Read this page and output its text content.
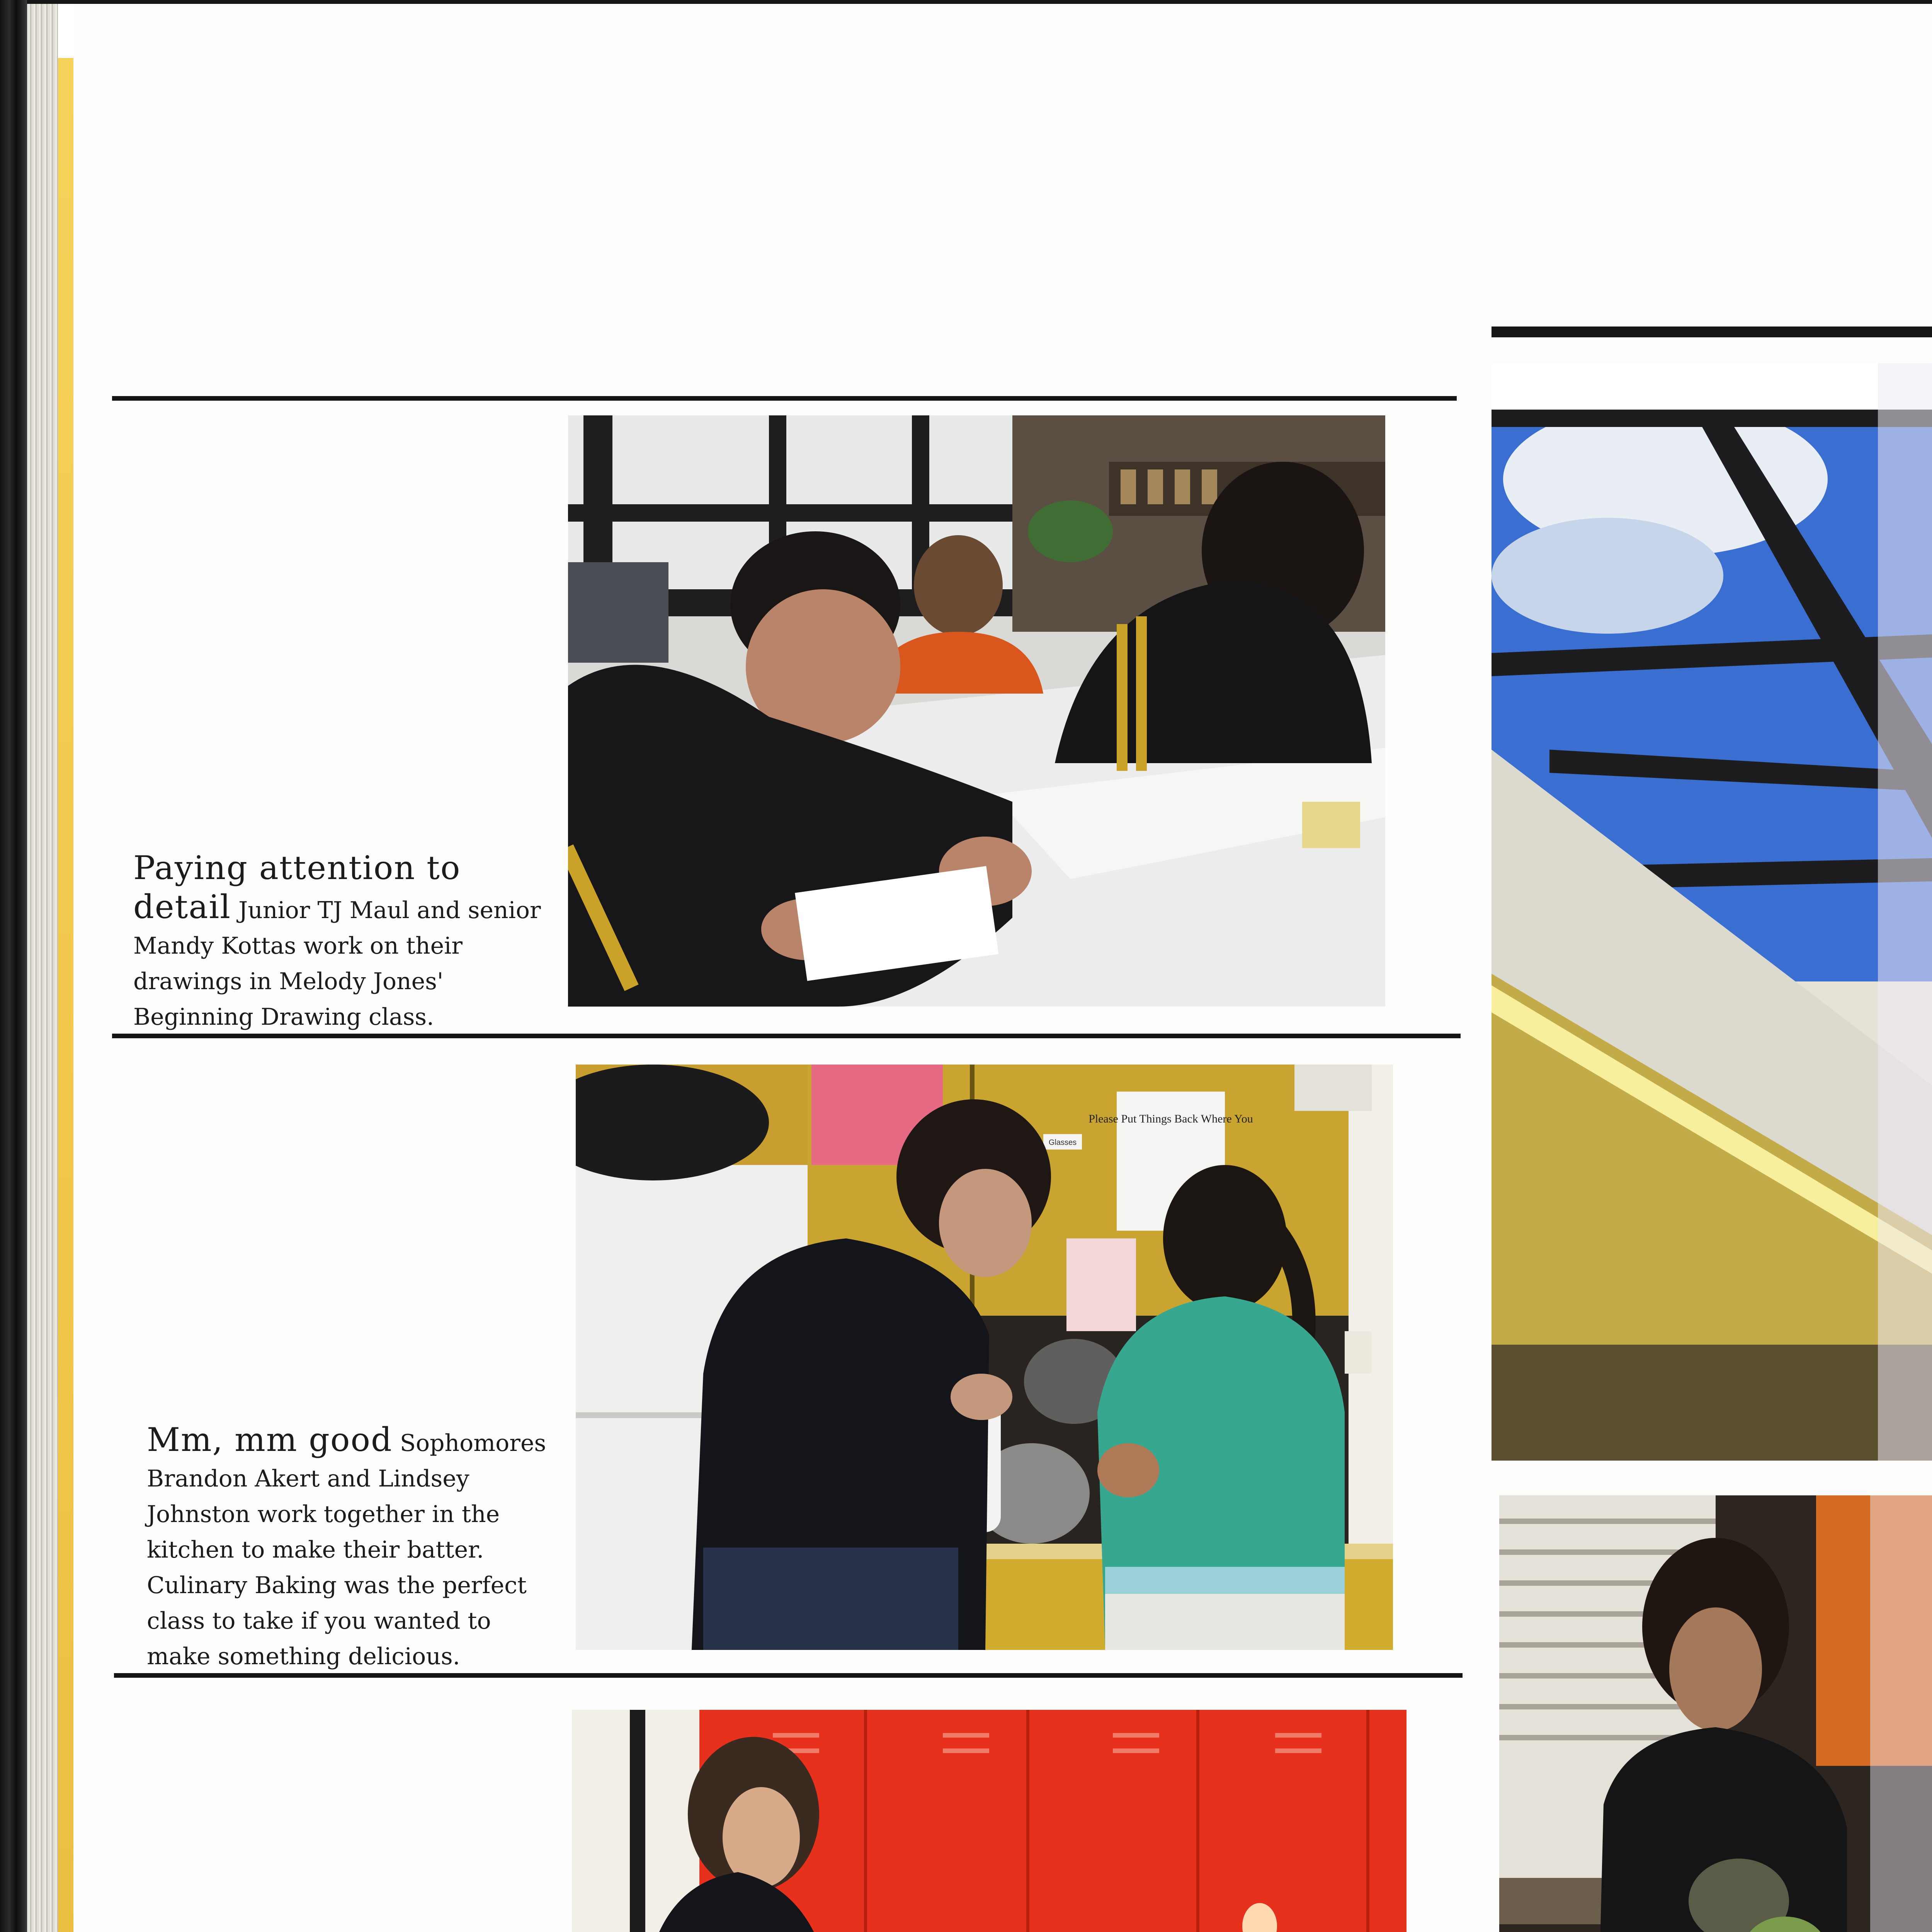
Please Put Things Back Where You
Glasses
Paying attention to detail Junior TJ Maul and senior Mandy Kottas work on their drawings in Melody Jones' Beginning Drawing class.
Mm, mm good Sophomores Brandon Akert and Lindsey Johnston work together in the kitchen to make their batter. Culinary Baking was the perfect class to take if you wanted to make something delicious.
